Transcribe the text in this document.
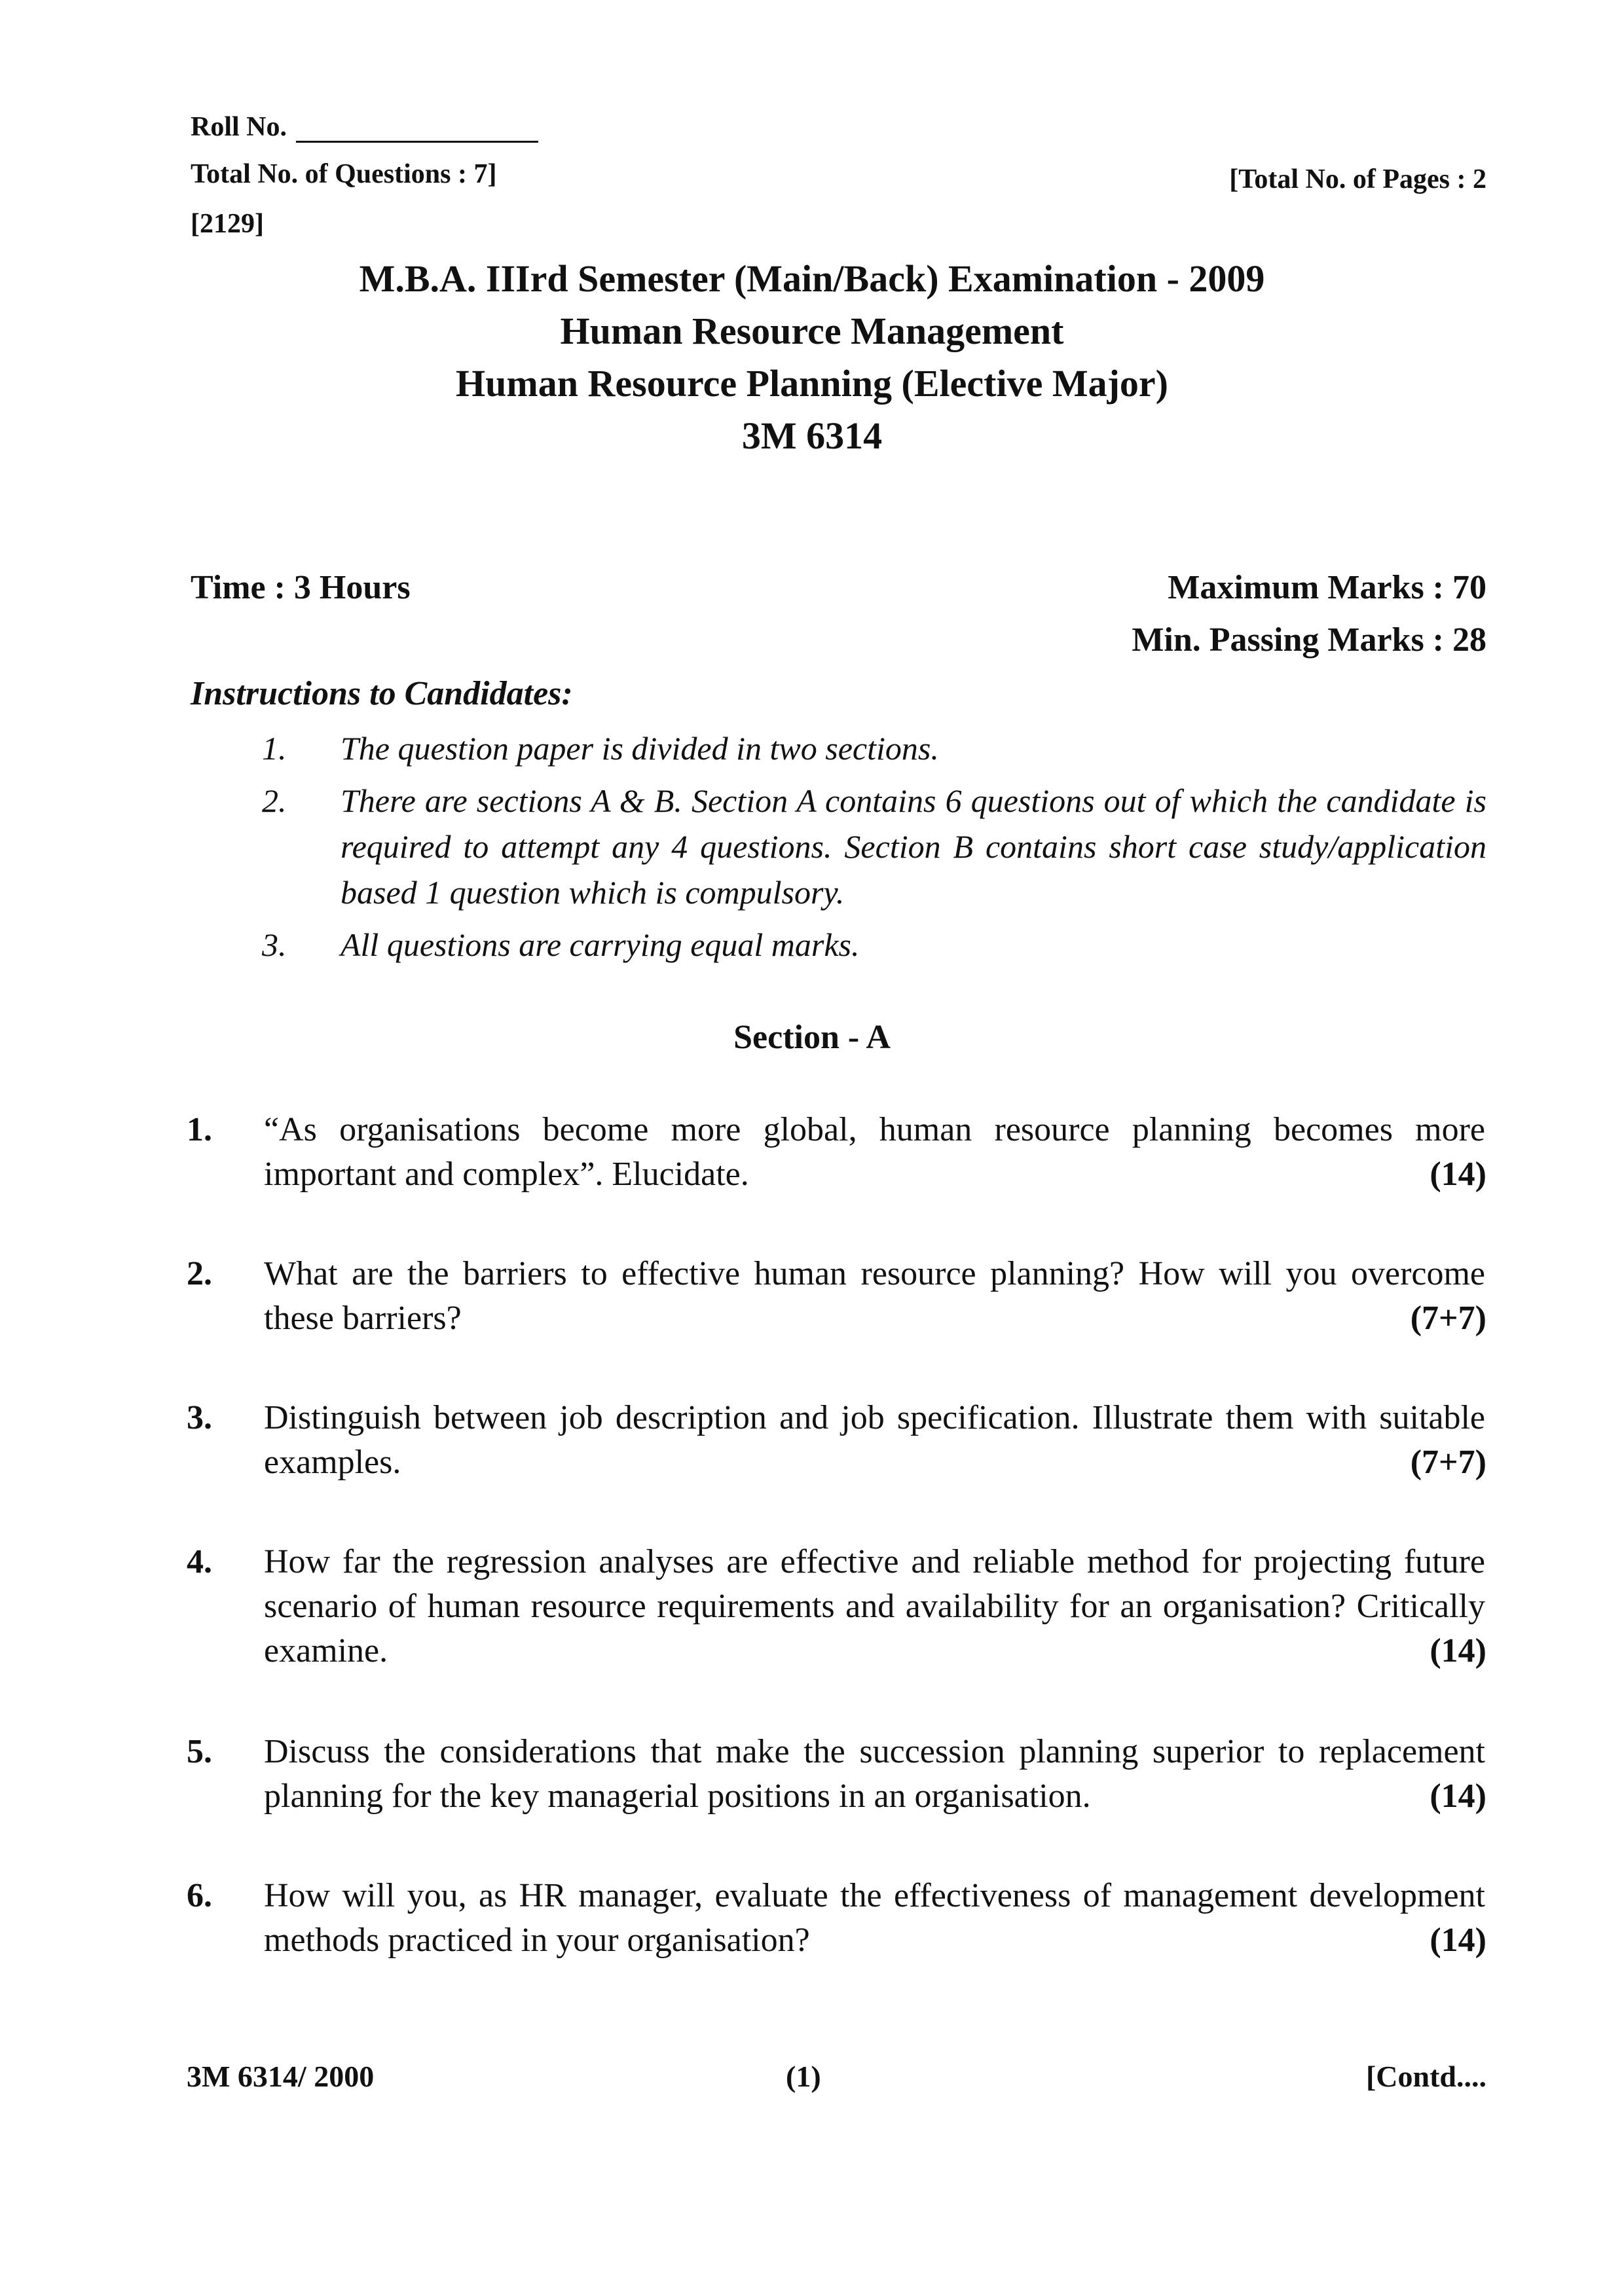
Roll No.
Total No. of Questions : 7]	[Total No. of Pages : 2
[2129]
M.B.A. IIIrd Semester (Main/Back) Examination - 2009
Human Resource Management
Human Resource Planning (Elective Major)
3M 6314
Time : 3 Hours	Maximum Marks : 70
Min. Passing Marks : 28
Instructions to Candidates:
1. The question paper is divided in two sections.
2. There are sections A & B. Section A contains 6 questions out of which the candidate is required to attempt any 4 questions. Section B contains short case study/application based 1 question which is compulsory.
3. All questions are carrying equal marks.
Section - A
1. “As organisations become more global, human resource planning becomes more important and complex”. Elucidate.	(14)
2. What are the barriers to effective human resource planning? How will you overcome these barriers?	(7+7)
3. Distinguish between job description and job specification. Illustrate them with suitable examples.	(7+7)
4. How far the regression analyses are effective and reliable method for projecting future scenario of human resource requirements and availability for an organisation? Critically examine.	(14)
5. Discuss the considerations that make the succession planning superior to replacement planning for the key managerial positions in an organisation.	(14)
6. How will you, as HR manager, evaluate the effectiveness of management development methods practiced in your organisation?	(14)
3M 6314/ 2000	(1)	[Contd....
